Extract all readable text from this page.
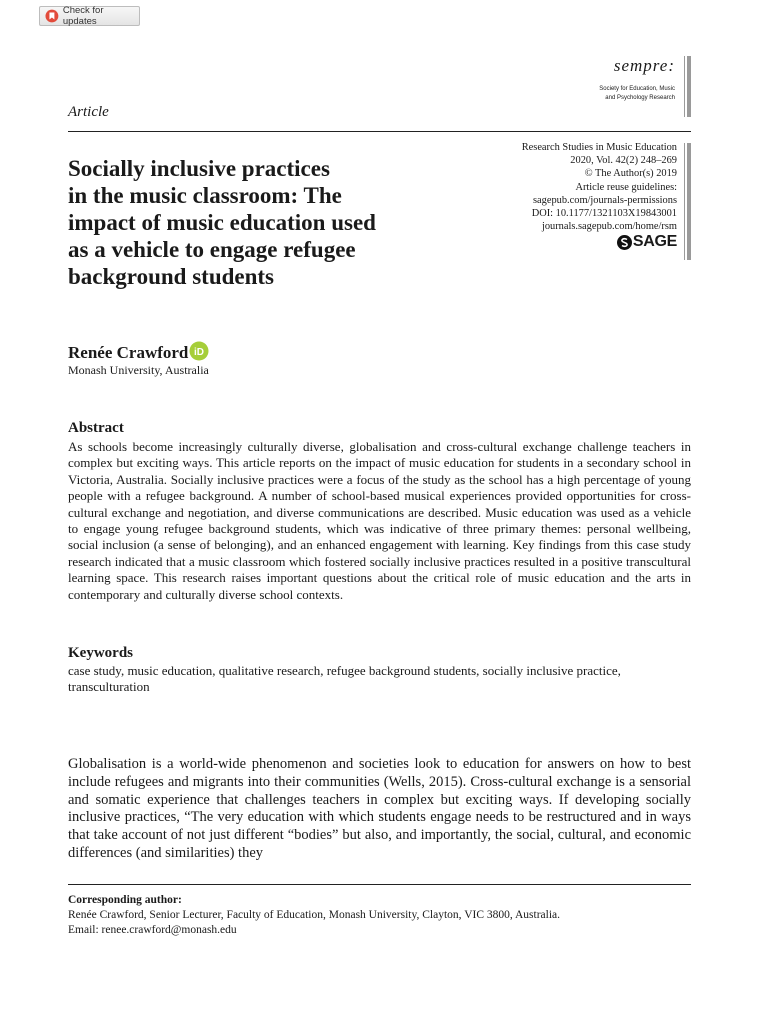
Check for updates
sempre:
Society for Education, Music
and Psychology Research
Article
Research Studies in Music Education
2020, Vol. 42(2) 248–269
© The Author(s) 2019
Article reuse guidelines:
sagepub.com/journals-permissions
DOI: 10.1177/1321103X19843001
journals.sagepub.com/home/rsm
SAGE
Socially inclusive practices
in the music classroom: The
impact of music education used
as a vehicle to engage refugee
background students
Renée Crawford iD
Monash University, Australia
Abstract

As schools become increasingly culturally diverse, globalisation and cross-cultural exchange challenge teachers in complex but exciting ways. This article reports on the impact of music education for students in a secondary school in Victoria, Australia. Socially inclusive practices were a focus of the study as the school has a high percentage of young people with a refugee background. A number of school-based musical experiences provided opportunities for cross-cultural exchange and negotiation, and diverse communications are described. Music education was used as a vehicle to engage young refugee background students, which was indicative of three primary themes: personal wellbeing, social inclusion (a sense of belonging), and an enhanced engagement with learning. Key findings from this case study research indicated that a music classroom which fostered socially inclusive practices resulted in a positive transcultural learning space. This research raises important questions about the critical role of music education and the arts in contemporary and culturally diverse school contexts.

Keywords

case study, music education, qualitative research, refugee background students, socially inclusive practice, transculturation

Globalisation is a world-wide phenomenon and societies look to education for answers on how to best include refugees and migrants into their communities (Wells, 2015). Cross-cultural exchange is a sensorial and somatic experience that challenges teachers in complex but exciting ways. If developing socially inclusive practices, “The very education with which students engage needs to be restructured and in ways that take account of not just different “bodies” but also, and importantly, the social, cultural, and economic differences (and similarities) they

Corresponding author:
Renée Crawford, Senior Lecturer, Faculty of Education, Monash University, Clayton, VIC 3800, Australia.
Email: renee.crawford@monash.edu
